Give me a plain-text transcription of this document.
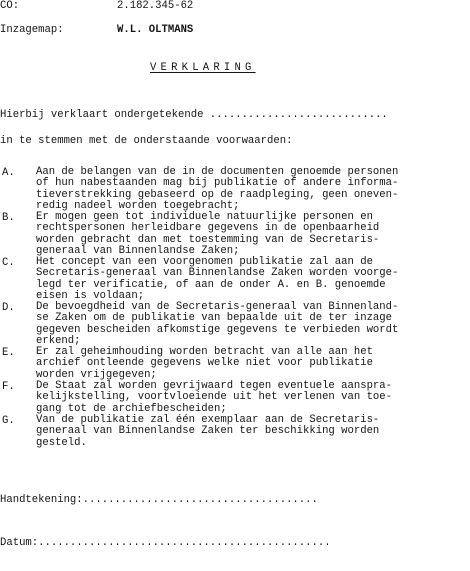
CO:	2.182.345-62
Inzagemap:	W.L. OLTMANS
VERKLARING
Hierbij verklaart ondergetekende ............................
in te stemmen met de onderstaande voorwaarden:
A. Aan de belangen van de in de documenten genoemde personen
of hun nabestaanden mag bij publikatie of andere informa-
tieverstrekking gebaseerd op de raadpleging, geen oneven-
redig nadeel worden toegebracht;
B. Er mogen geen tot individuele natuurlijke personen en
rechtspersonen herleidbare gegevens in de openbaarheid
worden gebracht dan met toestemming van de Secretaris-
generaal van Binnenlandse Zaken;
C. Het concept van een voorgenomen publikatie zal aan de
Secretaris-generaal van Binnenlandse Zaken worden voorge-
legd ter verificatie, of aan de onder A. en B. genoemde
eisen is voldaan;
D. De bevoegdheid van de Secretaris-generaal van Binnenland-
se Zaken om de publikatie van bepaalde uit de ter inzage
gegeven bescheiden afkomstige gegevens te verbieden wordt
erkend;
E. Er zal geheimhouding worden betracht van alle aan het
archief ontleende gegevens welke niet voor publikatie
worden vrijgegeven;
F. De Staat zal worden gevrijwaard tegen eventuele aanspra-
kelijkstelling, voortvloeiende uit het verlenen van toe-
gang tot de archiefbescheiden;
G. Van de publikatie zal één exemplaar aan de Secretaris-
generaal van Binnenlandse Zaken ter beschikking worden
gesteld.
Handtekening:.....................................
Datum:..............................................
